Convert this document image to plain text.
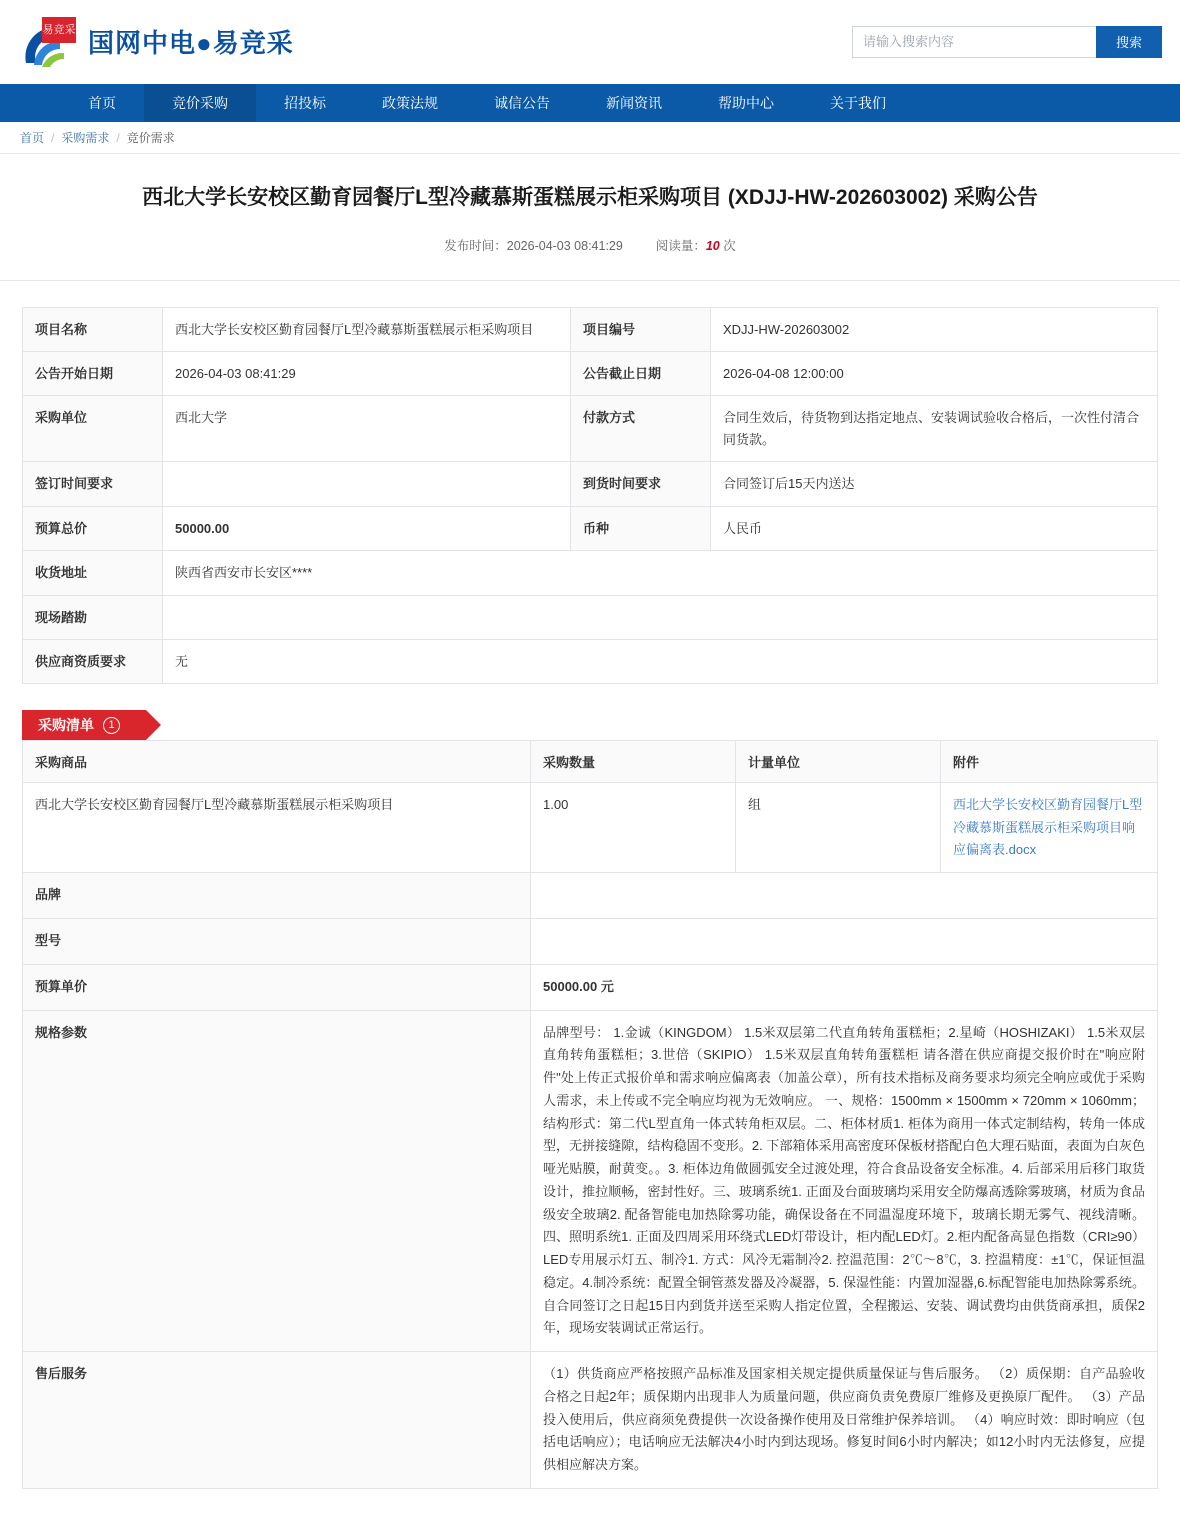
易竞采 国网中电●易竞采
请输入搜索内容	搜索
首页	竞价采购	招投标	政策法规	诚信公告	新闻资讯	帮助中心	关于我们
首页 / 采购需求 / 竞价需求
西北大学长安校区勤育园餐厅L型冷藏慕斯蛋糕展示柜采购项目 (XDJJ-HW-202603002) 采购公告
发布时间：2026-04-03 08:41:29	阅读量：10 次
项目名称	西北大学长安校区勤育园餐厅L型冷藏慕斯蛋糕展示柜采购项目	项目编号	XDJJ-HW-202603002
公告开始日期	2026-04-03 08:41:29	公告截止日期	2026-04-08 12:00:00
采购单位	西北大学	付款方式	合同生效后，待货物到达指定地点、安装调试验收合格后，一次性付清合同货款。
签订时间要求		到货时间要求	合同签订后15天内送达
预算总价	50000.00	币种	人民币
收货地址	陕西省西安市长安区****		
现场踏勘			
供应商资质要求	无		
采购清单	1
采购商品	采购数量	计量单位	附件
西北大学长安校区勤育园餐厅L型冷藏慕斯蛋糕展示柜采购项目	1.00	组	西北大学长安校区勤育园餐厅L型冷藏慕斯蛋糕展示柜采购项目响应偏离表.docx
品牌			
型号			
预算单价	50000.00 元		
规格参数	品牌型号： 1.金诚（KINGDOM） 1.5米双层第二代直角转角蛋糕柜；2.星崎（HOSHIZAKI） 1.5米双层直角转角蛋糕柜；3.世倍（SKIPIO） 1.5米双层直角转角蛋糕柜 请各潜在供应商提交报价时在"响应附件"处上传正式报价单和需求响应偏离表（加盖公章），所有技术指标及商务要求均须完全响应或优于采购人需求，未上传或不完全响应均视为无效响应。 一、规格：1500mm × 1500mm × 720mm × 1060mm；结构形式：第二代L型直角一体式转角柜双层。二、柜体材质1. 柜体为商用一体式定制结构，转角一体成型，无拼接缝隙，结构稳固不变形。2. 下部箱体采用高密度环保板材搭配白色大理石贴面，表面为白灰色哑光贴膜，耐黄变。。3. 柜体边角做圆弧安全过渡处理，符合食品设备安全标准。4. 后部采用后移门取货设计，推拉顺畅，密封性好。三、玻璃系统1. 正面及台面玻璃均采用安全防爆高透除雾玻璃，材质为食品级安全玻璃2. 配备智能电加热除雾功能，确保设备在不同温湿度环境下，玻璃长期无雾气、视线清晰。四、照明系统1. 正面及四周采用环绕式LED灯带设计，柜内配LED灯。2.柜内配备高显色指数（CRI≥90）LED专用展示灯五、制冷1. 方式：风冷无霜制冷2. 控温范围：2℃～8℃，3. 控温精度：±1℃，保证恒温稳定。4.制冷系统：配置全铜管蒸发器及冷凝器，5. 保湿性能：内置加湿器,6.标配智能电加热除雾系统。自合同签订之日起15日内到货并送至采购人指定位置，全程搬运、安装、调试费均由供货商承担，质保2年，现场安装调试正常运行。		
售后服务	（1）供货商应严格按照产品标准及国家相关规定提供质量保证与售后服务。 （2）质保期：自产品验收合格之日起2年；质保期内出现非人为质量问题，供应商负责免费原厂维修及更换原厂配件。 （3）产品投入使用后，供应商须免费提供一次设备操作使用及日常维护保养培训。 （4）响应时效：即时响应（包括电话响应）；电话响应无法解决4小时内到达现场。修复时间6小时内解决；如12小时内无法修复，应提供相应解决方案。		
